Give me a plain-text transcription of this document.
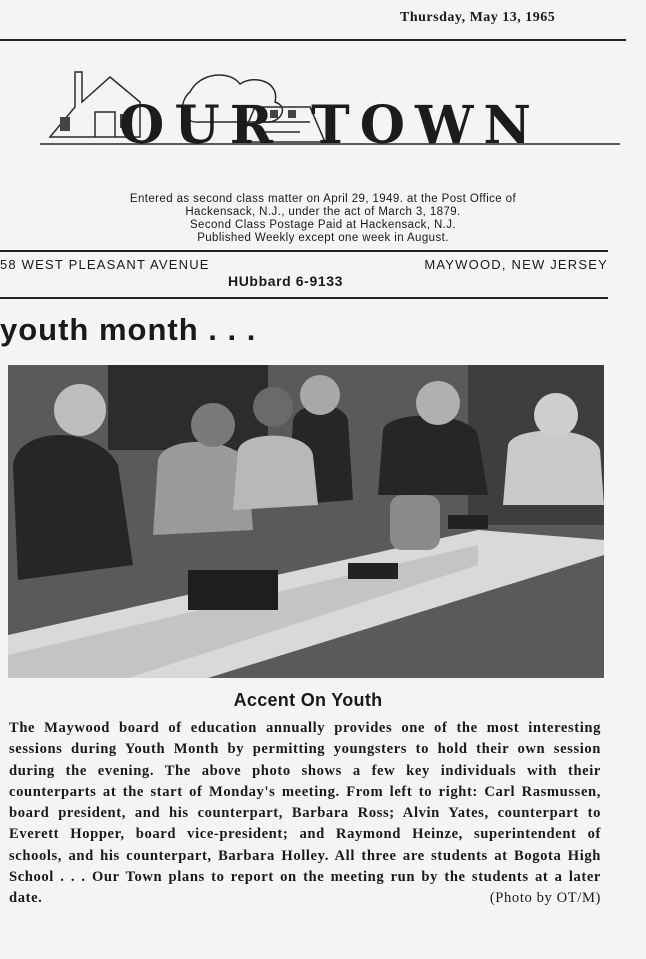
Thursday, May 13, 1965
OUR TOWN
Entered as second class matter on April 29, 1949. at the Post Office of
Hackensack, N.J., under the act of March 3, 1879.
Second Class Postage Paid at Hackensack, N.J.
Published Weekly except one week in August.
58 WEST PLEASANT AVENUE	MAYWOOD, NEW JERSEY
HUbbard 6-9133
youth month . . .
Accent On Youth
The Maywood board of education annually provides one of the most interesting sessions during Youth Month by permitting youngsters to hold their own session during the evening. The above photo shows a few key individuals with their counterparts at the start of Monday's meeting. From left to right: Carl Rasmussen, board president, and his counterpart, Barbara Ross; Alvin Yates, counterpart to Everett Hopper, board vice-president; and Raymond Heinze, superintendent of schools, and his counterpart, Barbara Holley. All three are students at Bogota High School . . . Our Town plans to report on the meeting run by the students at a later date.	(Photo by OT/M)
